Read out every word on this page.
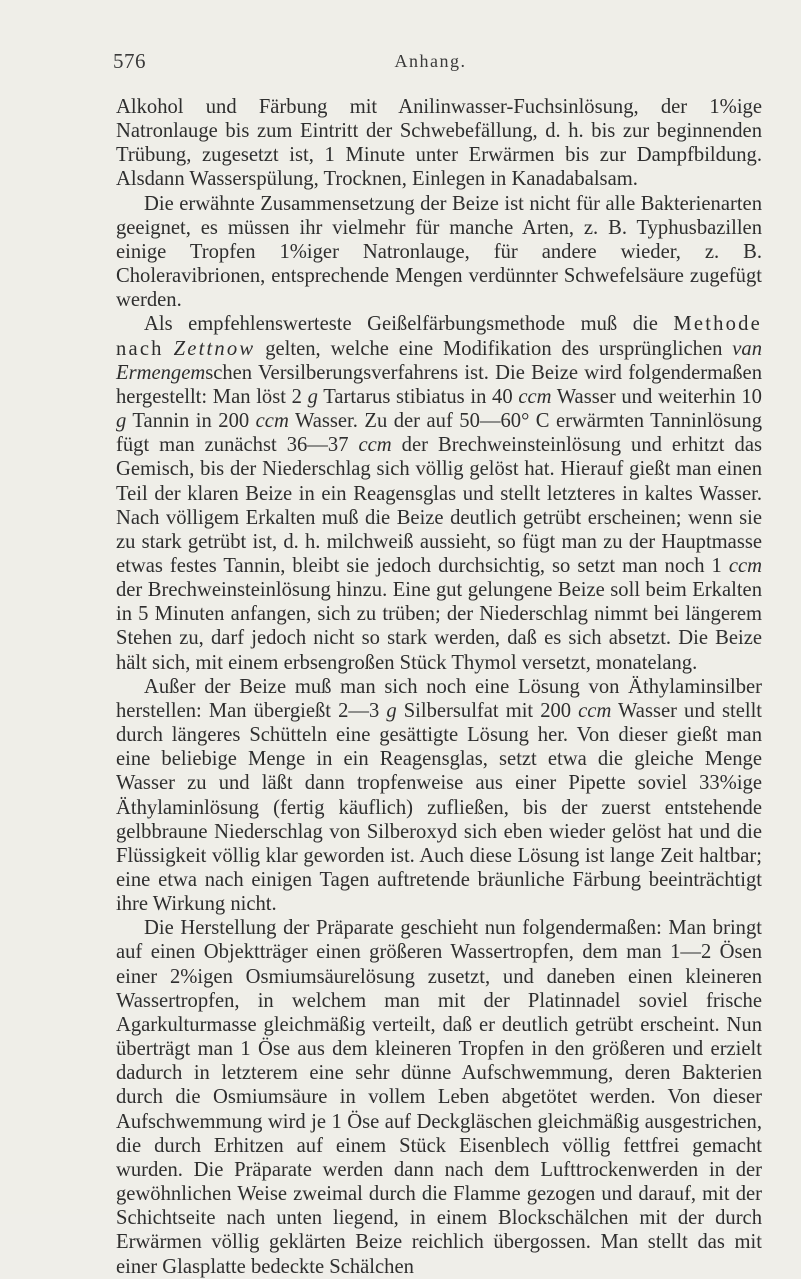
576	Anhang.

Alkohol und Färbung mit Anilinwasser-Fuchsinlösung, der 1%ige Natronlauge bis zum Eintritt der Schwebefällung, d. h. bis zur beginnenden Trübung, zugesetzt ist, 1 Minute unter Erwärmen bis zur Dampfbildung. Alsdann Wasserspülung, Trocknen, Einlegen in Kanadabalsam.

Die erwähnte Zusammensetzung der Beize ist nicht für alle Bakterienarten geeignet, es müssen ihr vielmehr für manche Arten, z. B. Typhusbazillen einige Tropfen 1%iger Natronlauge, für andere wieder, z. B. Choleravibrionen, entsprechende Mengen verdünnter Schwefelsäure zugefügt werden.

Als empfehlenswerteste Geißelfärbungsmethode muß die Methode nach Zettnow gelten, welche eine Modifikation des ursprünglichen van Ermengemschen Versilberungsverfahrens ist. Die Beize wird folgendermaßen hergestellt: Man löst 2 g Tartarus stibiatus in 40 ccm Wasser und weiterhin 10 g Tannin in 200 ccm Wasser. Zu der auf 50—60° C erwärmten Tanninlösung fügt man zunächst 36—37 ccm der Brechweinsteinlösung und erhitzt das Gemisch, bis der Niederschlag sich völlig gelöst hat. Hierauf gießt man einen Teil der klaren Beize in ein Reagensglas und stellt letzteres in kaltes Wasser. Nach völligem Erkalten muß die Beize deutlich getrübt erscheinen; wenn sie zu stark getrübt ist, d. h. milchweiß aussieht, so fügt man zu der Hauptmasse etwas festes Tannin, bleibt sie jedoch durchsichtig, so setzt man noch 1 ccm der Brechweinsteinlösung hinzu. Eine gut gelungene Beize soll beim Erkalten in 5 Minuten anfangen, sich zu trüben; der Niederschlag nimmt bei längerem Stehen zu, darf jedoch nicht so stark werden, daß es sich absetzt. Die Beize hält sich, mit einem erbsengroßen Stück Thymol versetzt, monatelang.

Außer der Beize muß man sich noch eine Lösung von Äthylaminsilber herstellen: Man übergießt 2—3 g Silbersulfat mit 200 ccm Wasser und stellt durch längeres Schütteln eine gesättigte Lösung her. Von dieser gießt man eine beliebige Menge in ein Reagensglas, setzt etwa die gleiche Menge Wasser zu und läßt dann tropfenweise aus einer Pipette soviel 33%ige Äthylaminlösung (fertig käuflich) zufließen, bis der zuerst entstehende gelbbraune Niederschlag von Silberoxyd sich eben wieder gelöst hat und die Flüssigkeit völlig klar geworden ist. Auch diese Lösung ist lange Zeit haltbar; eine etwa nach einigen Tagen auftretende bräunliche Färbung beeinträchtigt ihre Wirkung nicht.

Die Herstellung der Präparate geschieht nun folgendermaßen: Man bringt auf einen Objektträger einen größeren Wassertropfen, dem man 1—2 Ösen einer 2%igen Osmiumsäurelösung zusetzt, und daneben einen kleineren Wassertropfen, in welchem man mit der Platinnadel soviel frische Agarkulturmasse gleichmäßig verteilt, daß er deutlich getrübt erscheint. Nun überträgt man 1 Öse aus dem kleineren Tropfen in den größeren und erzielt dadurch in letzterem eine sehr dünne Aufschwemmung, deren Bakterien durch die Osmiumsäure in vollem Leben abgetötet werden. Von dieser Aufschwemmung wird je 1 Öse auf Deckgläschen gleichmäßig ausgestrichen, die durch Erhitzen auf einem Stück Eisenblech völlig fettfrei gemacht wurden. Die Präparate werden dann nach dem Lufttrockenwerden in der gewöhnlichen Weise zweimal durch die Flamme gezogen und darauf, mit der Schichtseite nach unten liegend, in einem Blockschälchen mit der durch Erwärmen völlig geklärten Beize reichlich übergossen. Man stellt das mit einer Glasplatte bedeckte Schälchen
